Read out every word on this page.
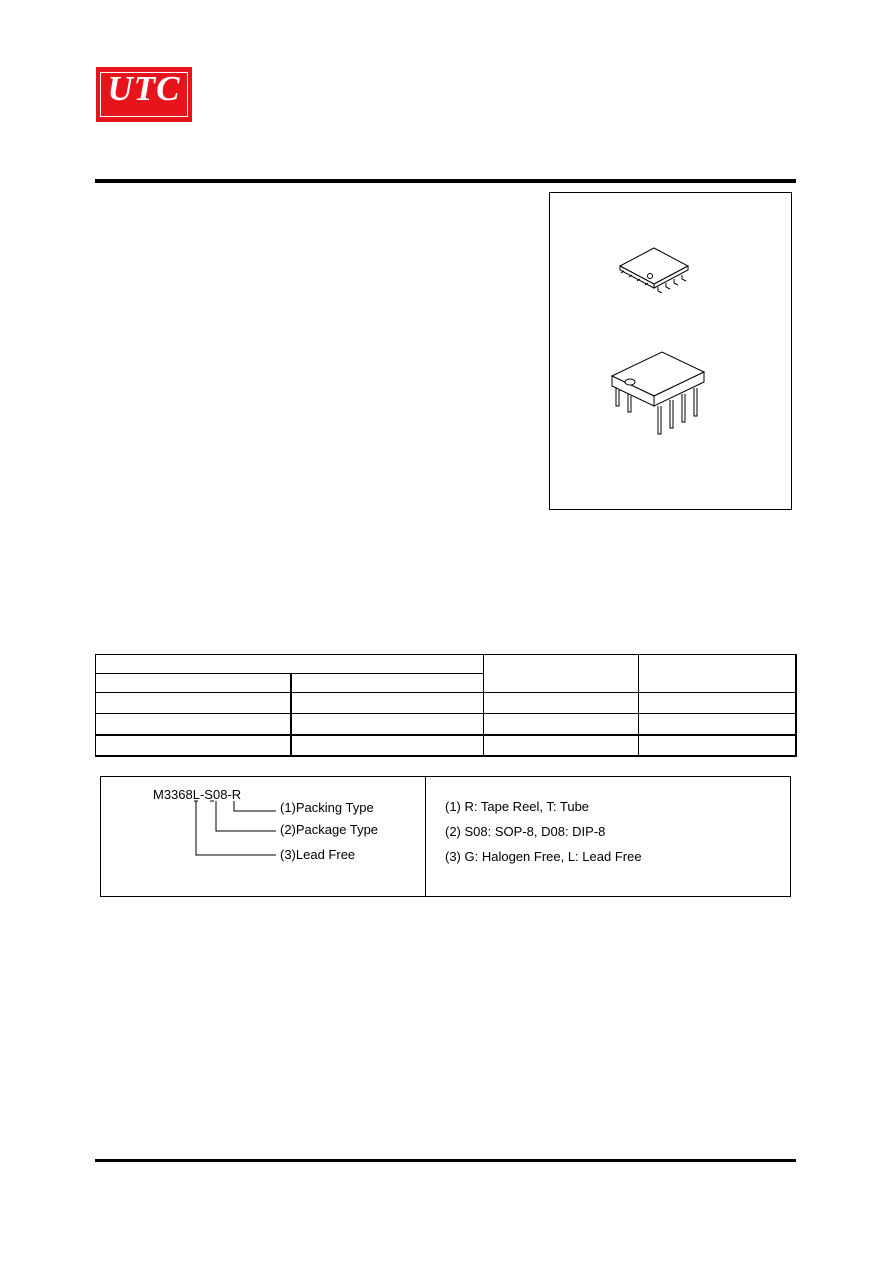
UTC
M3368L-S08-R
(1)Packing Type
(2)Package Type
(3)Lead Free
(1) R: Tape Reel, T: Tube
(2) S08: SOP-8, D08: DIP-8
(3) G: Halogen Free, L: Lead Free
